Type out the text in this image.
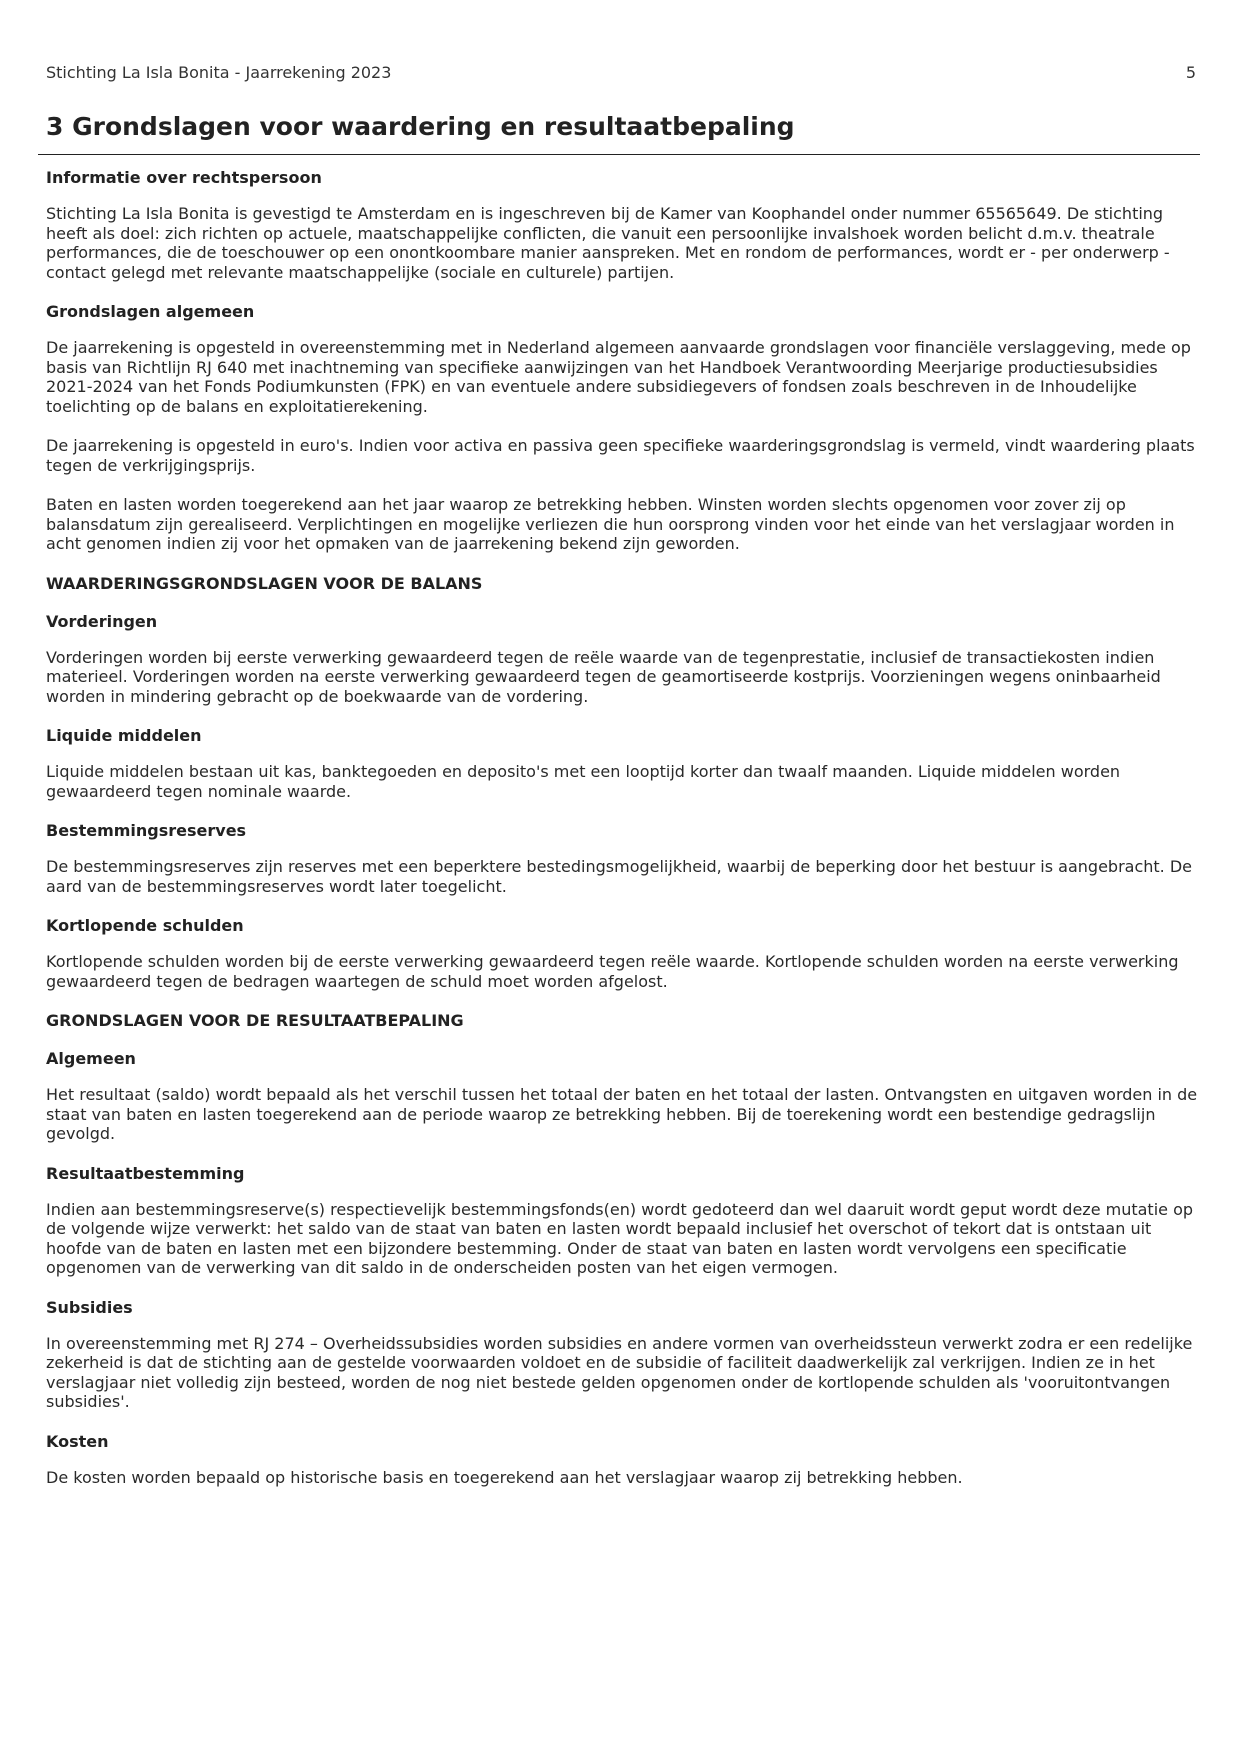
Stichting La Isla Bonita - Jaarrekening 2023	5
3 Grondslagen voor waardering en resultaatbepaling
Informatie over rechtspersoon

Stichting La Isla Bonita is gevestigd te Amsterdam en is ingeschreven bij de Kamer van Koophandel onder nummer 65565649. De stichting heeft als doel: zich richten op actuele, maatschappelijke conflicten, die vanuit een persoonlijke invalshoek worden belicht d.m.v. theatrale performances, die de toeschouwer op een onontkoombare manier aanspreken. Met en rondom de performances, wordt er - per onderwerp - contact gelegd met relevante maatschappelijke (sociale en culturele) partijen.

Grondslagen algemeen

De jaarrekening is opgesteld in overeenstemming met in Nederland algemeen aanvaarde grondslagen voor financiële verslaggeving, mede op basis van Richtlijn RJ 640 met inachtneming van specifieke aanwijzingen van het Handboek Verantwoording Meerjarige productiesubsidies 2021-2024 van het Fonds Podiumkunsten (FPK) en van eventuele andere subsidiegevers of fondsen zoals beschreven in de Inhoudelijke toelichting op de balans en exploitatierekening.

De jaarrekening is opgesteld in euro's. Indien voor activa en passiva geen specifieke waarderingsgrondslag is vermeld, vindt waardering plaats tegen de verkrijgingsprijs.

Baten en lasten worden toegerekend aan het jaar waarop ze betrekking hebben. Winsten worden slechts opgenomen voor zover zij op balansdatum zijn gerealiseerd. Verplichtingen en mogelijke verliezen die hun oorsprong vinden voor het einde van het verslagjaar worden in acht genomen indien zij voor het opmaken van de jaarrekening bekend zijn geworden.

WAARDERINGSGRONDSLAGEN VOOR DE BALANS
Vorderingen

Vorderingen worden bij eerste verwerking gewaardeerd tegen de reële waarde van de tegenprestatie, inclusief de transactiekosten indien materieel. Vorderingen worden na eerste verwerking gewaardeerd tegen de geamortiseerde kostprijs. Voorzieningen wegens oninbaarheid worden in mindering gebracht op de boekwaarde van de vordering.

Liquide middelen

Liquide middelen bestaan uit kas, banktegoeden en deposito's met een looptijd korter dan twaalf maanden. Liquide middelen worden gewaardeerd tegen nominale waarde.

Bestemmingsreserves

De bestemmingsreserves zijn reserves met een beperktere bestedingsmogelijkheid, waarbij de beperking door het bestuur is aangebracht. De aard van de bestemmingsreserves wordt later toegelicht.

Kortlopende schulden

Kortlopende schulden worden bij de eerste verwerking gewaardeerd tegen reële waarde. Kortlopende schulden worden na eerste verwerking gewaardeerd tegen de bedragen waartegen de schuld moet worden afgelost.

GRONDSLAGEN VOOR DE RESULTAATBEPALING
Algemeen

Het resultaat (saldo) wordt bepaald als het verschil tussen het totaal der baten en het totaal der lasten. Ontvangsten en uitgaven worden in de staat van baten en lasten toegerekend aan de periode waarop ze betrekking hebben. Bij de toerekening wordt een bestendige gedragslijn gevolgd.

Resultaatbestemming

Indien aan bestemmingsreserve(s) respectievelijk bestemmingsfonds(en) wordt gedoteerd dan wel daaruit wordt geput wordt deze mutatie op de volgende wijze verwerkt: het saldo van de staat van baten en lasten wordt bepaald inclusief het overschot of tekort dat is ontstaan uit hoofde van de baten en lasten met een bijzondere bestemming. Onder de staat van baten en lasten wordt vervolgens een specificatie opgenomen van de verwerking van dit saldo in de onderscheiden posten van het eigen vermogen.

Subsidies

In overeenstemming met RJ 274 – Overheidssubsidies worden subsidies en andere vormen van overheidssteun verwerkt zodra er een redelijke zekerheid is dat de stichting aan de gestelde voorwaarden voldoet en de subsidie of faciliteit daadwerkelijk zal verkrijgen. Indien ze in het verslagjaar niet volledig zijn besteed, worden de nog niet bestede gelden opgenomen onder de kortlopende schulden als 'vooruitontvangen subsidies'.

Kosten

De kosten worden bepaald op historische basis en toegerekend aan het verslagjaar waarop zij betrekking hebben.
